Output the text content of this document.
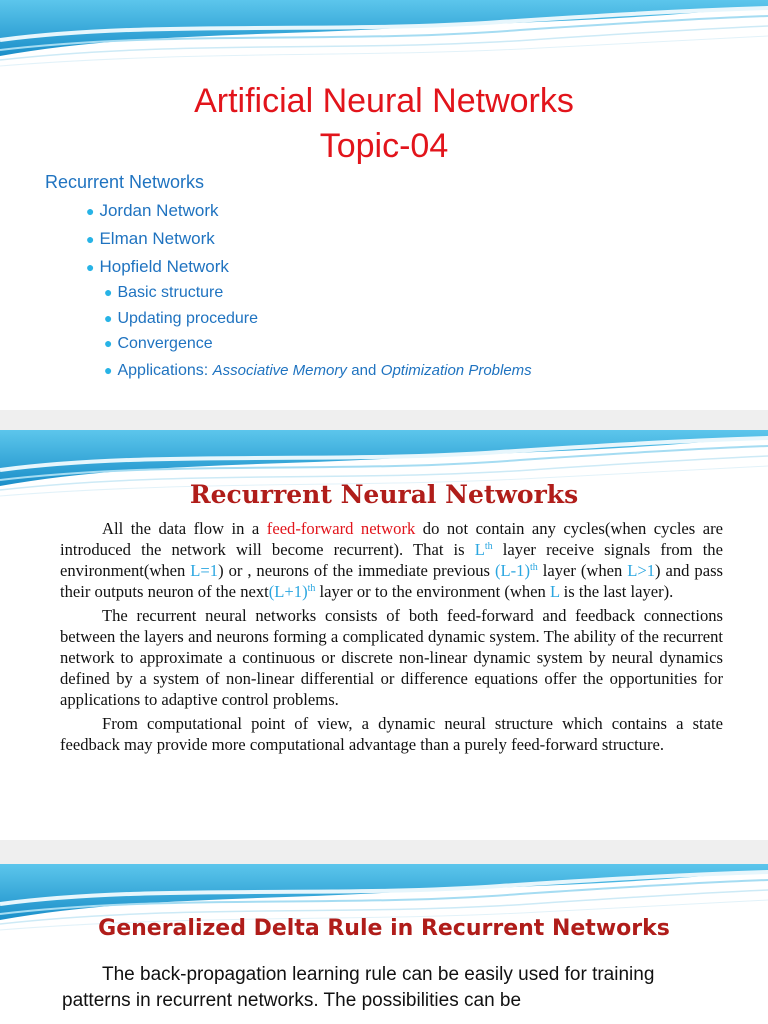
Artificial Neural Networks
Topic-04
Recurrent Networks
● Jordan Network
● Elman Network
● Hopfield Network
● Basic structure
● Updating procedure
● Convergence
● Applications: Associative Memory and Optimization Problems
Recurrent Neural Networks

All the data flow in a feed-forward network do not contain any cycles(when cycles are introduced the network will become recurrent). That is Lth layer receive signals from the environment(when L=1) or , neurons of the immediate previous $(L-1)^{th}$ layer (when L>1) and pass their outputs neuron of the $next(L+1)^{th}$ layer or to the environment (when L is the last layer).

The recurrent neural networks consists of both feed-forward and feedback connections between the layers and neurons forming a complicated dynamic system. The ability of the recurrent network to approximate a continuous or discrete non-linear dynamic system by neural dynamics defined by a system of non-linear differential or difference equations offer the opportunities for applications to adaptive control problems.

From computational point of view, a dynamic neural structure which contains a state feedback may provide more computational advantage than a purely feed-forward structure.

Generalized Delta Rule in Recurrent Networks

The back-propagation learning rule can be easily used for training patterns in recurrent networks. The possibilities can be
